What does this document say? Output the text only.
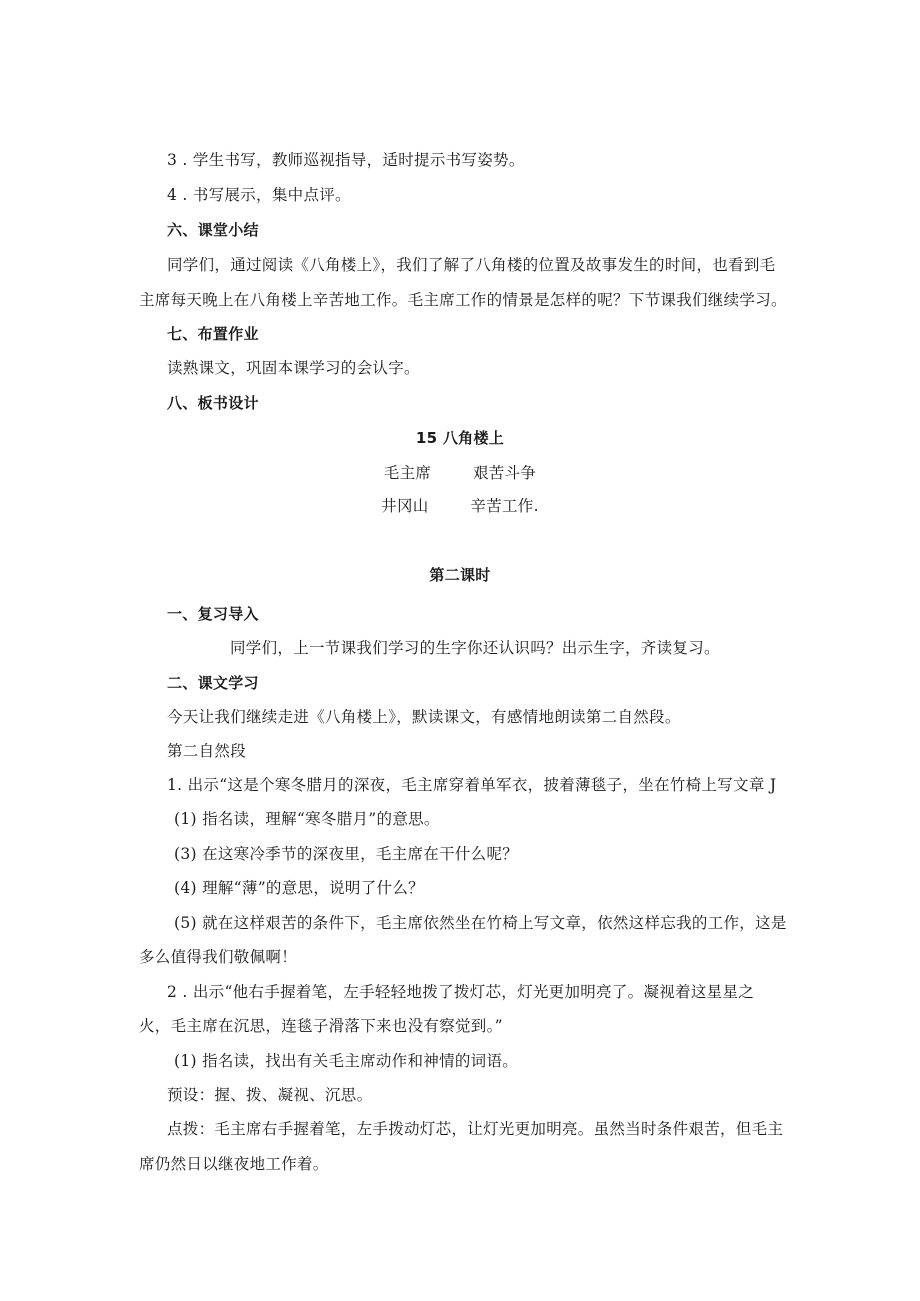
3 . 学生书写，教师巡视指导，适时提示书写姿势。
4 . 书写展示，集中点评。
六、课堂小结
同学们，通过阅读《八角楼上》，我们了解了八角楼的位置及故事发生的时间，也看到毛
主席每天晚上在八角楼上辛苦地工作。毛主席工作的情景是怎样的呢？下节课我们继续学习。
七、布置作业
读熟课文，巩固本课学习的会认字。
八、板书设计
15 八角楼上
毛主席        艰苦斗争
井冈山        辛苦工作.
第二课时
一、复习导入
同学们，上一节课我们学习的生字你还认识吗？出示生字，齐读复习。
二、课文学习
今天让我们继续走进《八角楼上》，默读课文，有感情地朗读第二自然段。
第二自然段
1. 出示“这是个寒冬腊月的深夜，毛主席穿着单军衣，披着薄毯子，坐在竹椅上写文章 J
(1) 指名读，理解“寒冬腊月”的意思。
(3) 在这寒冷季节的深夜里，毛主席在干什么呢？
(4) 理解“薄”的意思，说明了什么？
(5) 就在这样艰苦的条件下，毛主席依然坐在竹椅上写文章，依然这样忘我的工作，这是
多么值得我们敬佩啊！
2 . 出示“他右手握着笔，左手轻轻地拨了拨灯芯，灯光更加明亮了。凝视着这星星之
火，毛主席在沉思，连毯子滑落下来也没有察觉到。”
(1) 指名读，找出有关毛主席动作和神情的词语。
预设：握、拨、凝视、沉思。
点拨：毛主席右手握着笔，左手拨动灯芯，让灯光更加明亮。虽然当时条件艰苦，但毛主
席仍然日以继夜地工作着。
